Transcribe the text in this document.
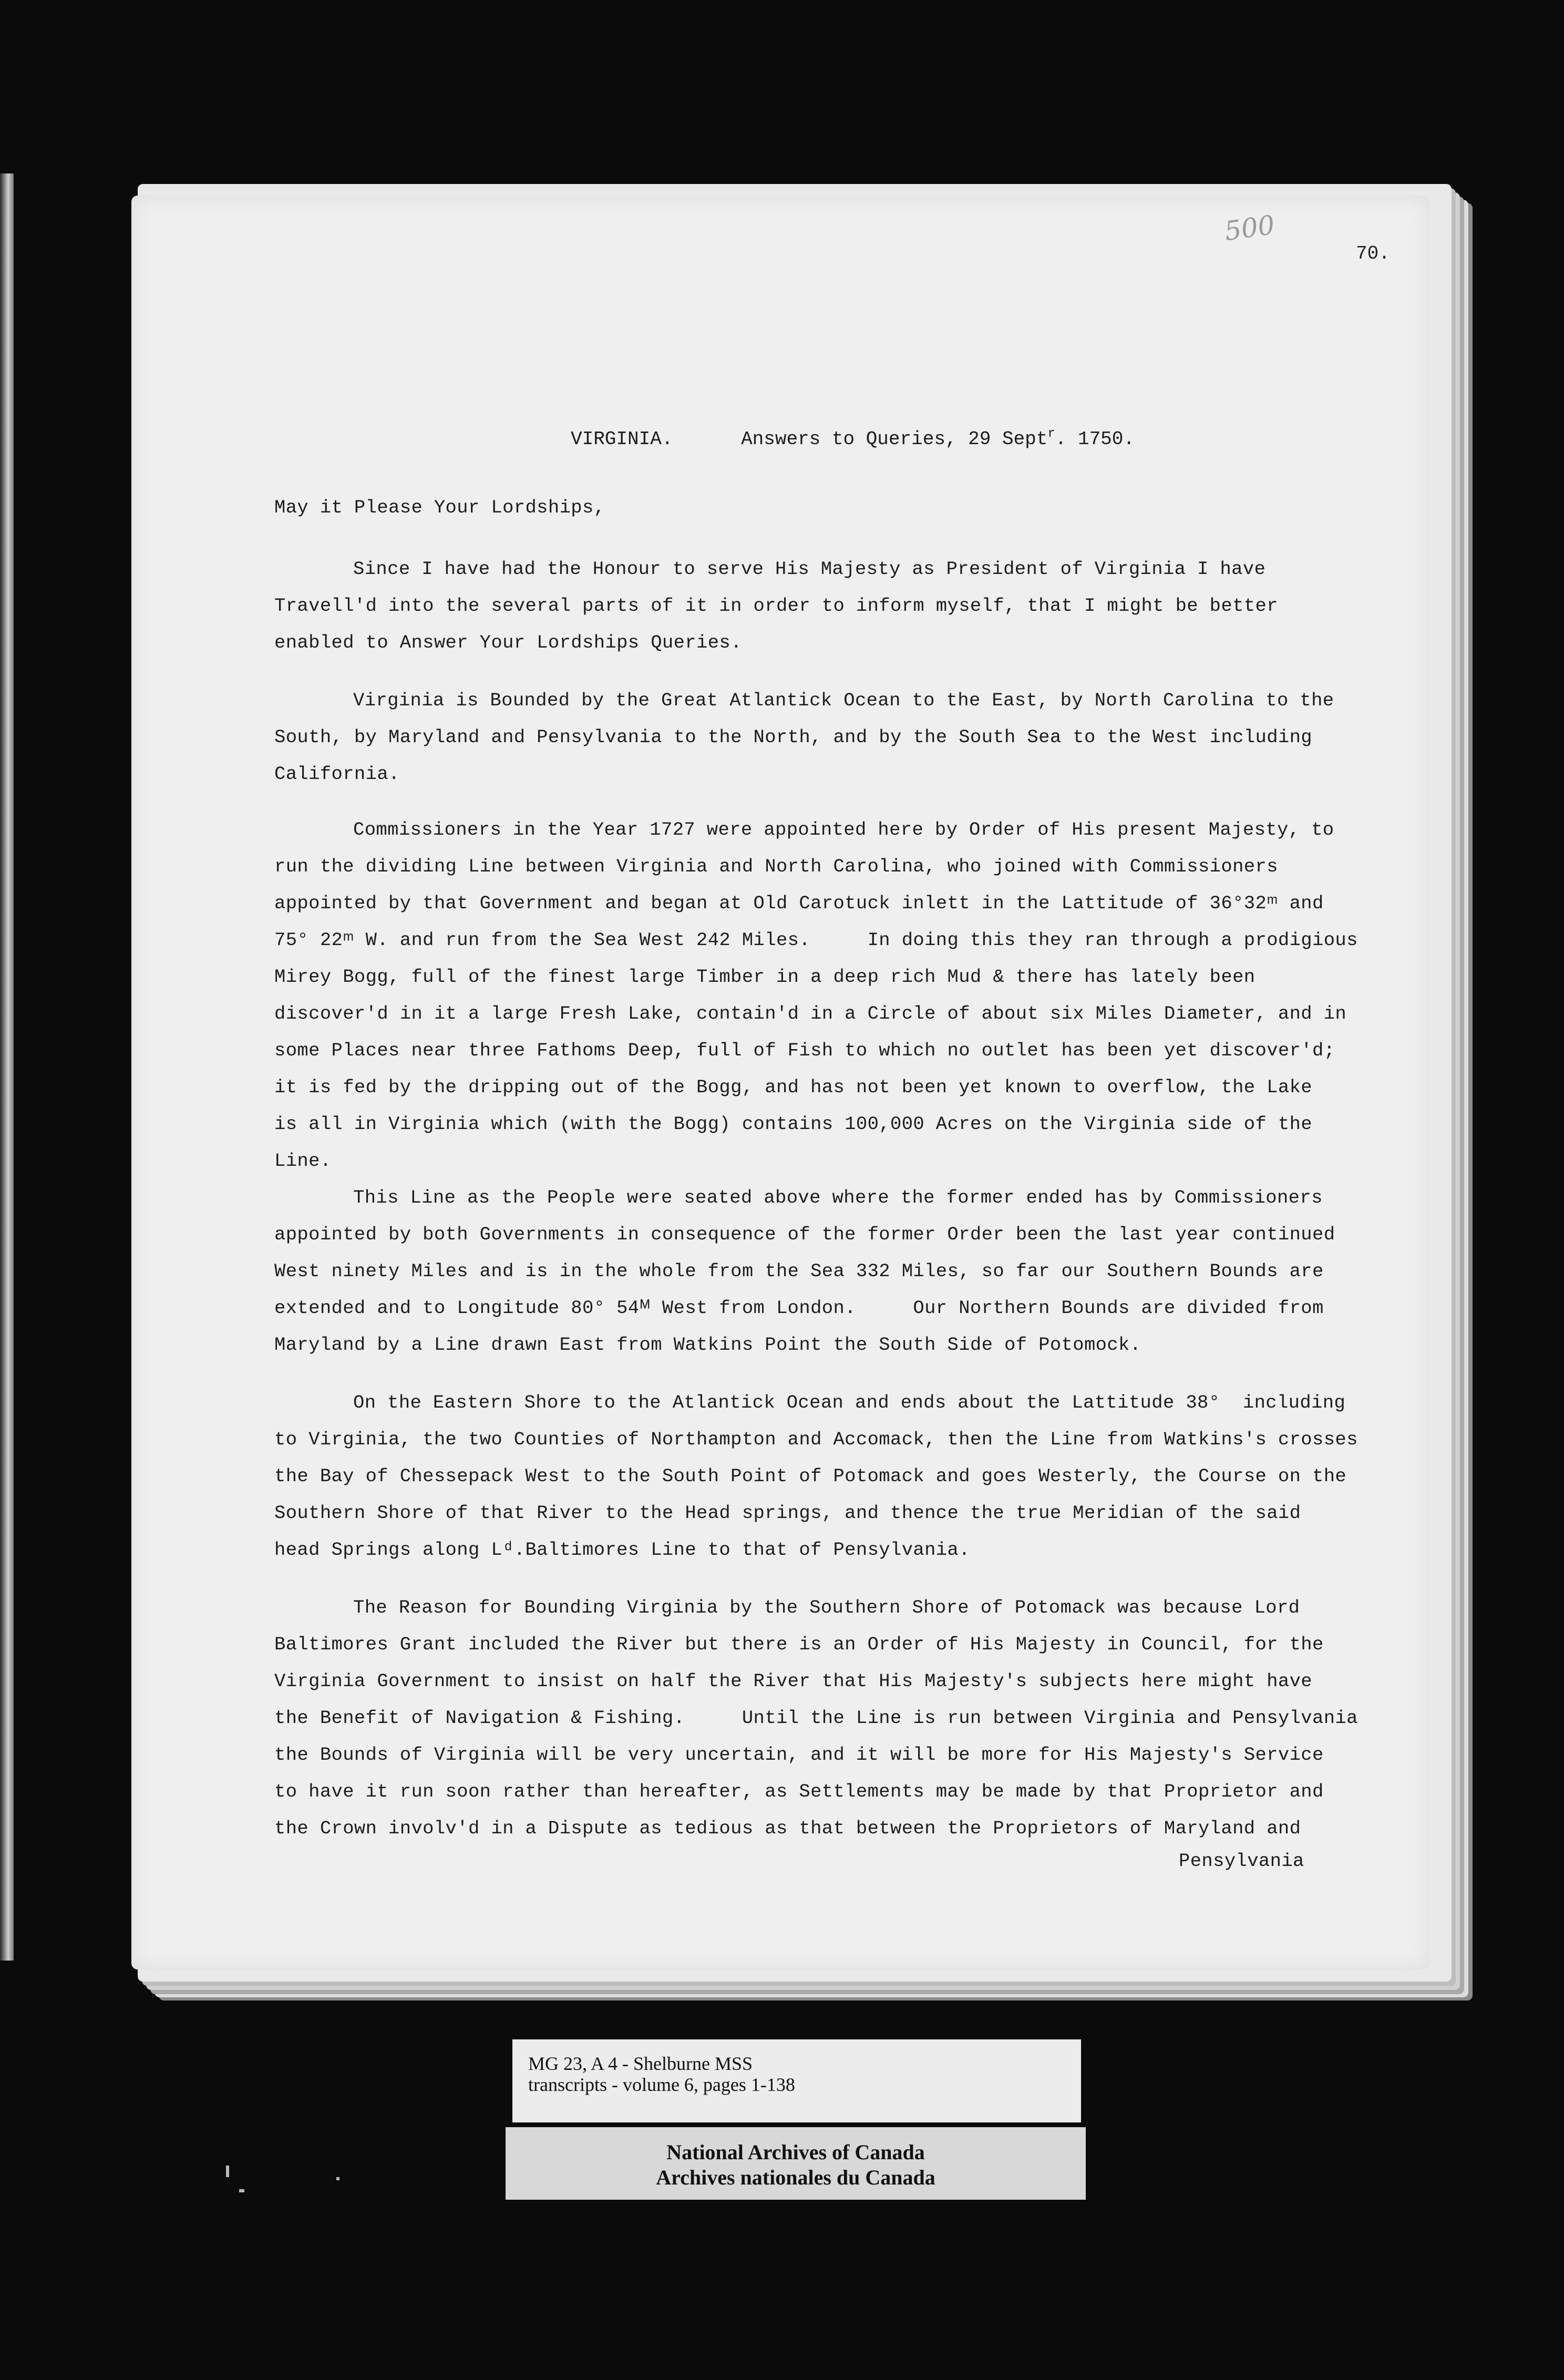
500
70.
VIRGINIA.	Answers to Queries, 29 Sept$^r$. 1750.
May it Please Your Lordships,
Since I have had the Honour to serve His Majesty as President of Virginia I have
Travell'd into the several parts of it in order to inform myself, that I might be better
enabled to Answer Your Lordships Queries.
Virginia is Bounded by the Great Atlantick Ocean to the East, by North Carolina to the
South, by Maryland and Pensylvania to the North, and by the South Sea to the West including
California.
Commissioners in the Year 1727 were appointed here by Order of His present Majesty, to
run the dividing Line between Virginia and North Carolina, who joined with Commissioners
appointed by that Government and began at Old Carotuck inlett in the Lattitude of 36°32ᵐ and
75° 22ᵐ W. and run from the Sea West 242 Miles.     In doing this they ran through a prodigious
Mirey Bogg, full of the finest large Timber in a deep rich Mud & there has lately been
discover'd in it a large Fresh Lake, contain'd in a Circle of about six Miles Diameter, and in
some Places near three Fathoms Deep, full of Fish to which no outlet has been yet discover'd;
it is fed by the dripping out of the Bogg, and has not been yet known to overflow, the Lake
is all in Virginia which (with the Bogg) contains 100,000 Acres on the Virginia side of the
Line.
This Line as the People were seated above where the former ended has by Commissioners
appointed by both Governments in consequence of the former Order been the last year continued
West ninety Miles and is in the whole from the Sea 332 Miles, so far our Southern Bounds are
extended and to Longitude 80° 54ᴹ West from London.     Our Northern Bounds are divided from
Maryland by a Line drawn East from Watkins Point the South Side of Potomock.
On the Eastern Shore to the Atlantick Ocean and ends about the Lattitude 38°  including
to Virginia, the two Counties of Northampton and Accomack, then the Line from Watkins's crosses
the Bay of Chessepack West to the South Point of Potomack and goes Westerly, the Course on the
Southern Shore of that River to the Head springs, and thence the true Meridian of the said
head Springs along Lᵈ.Baltimores Line to that of Pensylvania.
The Reason for Bounding Virginia by the Southern Shore of Potomack was because Lord
Baltimores Grant included the River but there is an Order of His Majesty in Council, for the
Virginia Government to insist on half the River that His Majesty's subjects here might have
the Benefit of Navigation & Fishing.     Until the Line is run between Virginia and Pensylvania
the Bounds of Virginia will be very uncertain, and it will be more for His Majesty's Service
to have it run soon rather than hereafter, as Settlements may be made by that Proprietor and
the Crown involv'd in a Dispute as tedious as that between the Proprietors of Maryland and
Pensylvania
MG 23, A 4 - Shelburne MSS
transcripts - volume 6, pages 1-138
National Archives of Canada
Archives nationales du Canada
